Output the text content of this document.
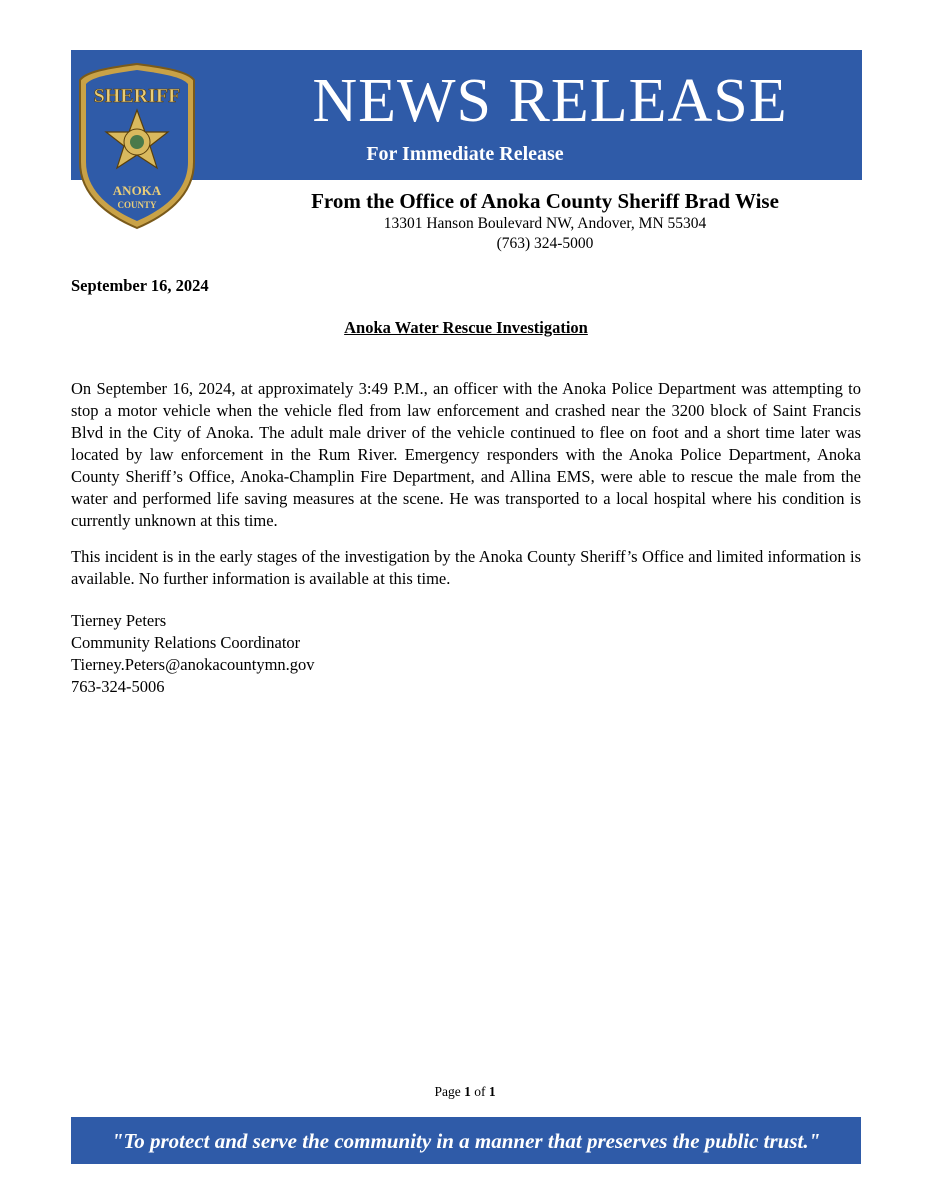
SHERIFF
ANOKA
COUNTY
NEWS RELEASE
For Immediate Release
From the Office of Anoka County Sheriff Brad Wise
13301 Hanson Boulevard NW, Andover, MN 55304
(763) 324-5000
September 16, 2024
Anoka Water Rescue Investigation
On September 16, 2024, at approximately 3:49 P.M., an officer with the Anoka Police Department was attempting to stop a motor vehicle when the vehicle fled from law enforcement and crashed near the 3200 block of Saint Francis Blvd in the City of Anoka. The adult male driver of the vehicle continued to flee on foot and a short time later was located by law enforcement in the Rum River. Emergency responders with the Anoka Police Department, Anoka County Sheriff’s Office, Anoka-Champlin Fire Department, and Allina EMS, were able to rescue the male from the water and performed life saving measures at the scene. He was transported to a local hospital where his condition is currently unknown at this time.
This incident is in the early stages of the investigation by the Anoka County Sheriff’s Office and limited information is available. No further information is available at this time.
Tierney Peters
Community Relations Coordinator
Tierney.Peters@anokacountymn.gov
763-324-5006
Page 1 of 1
"To protect and serve the community in a manner that preserves the public trust."
